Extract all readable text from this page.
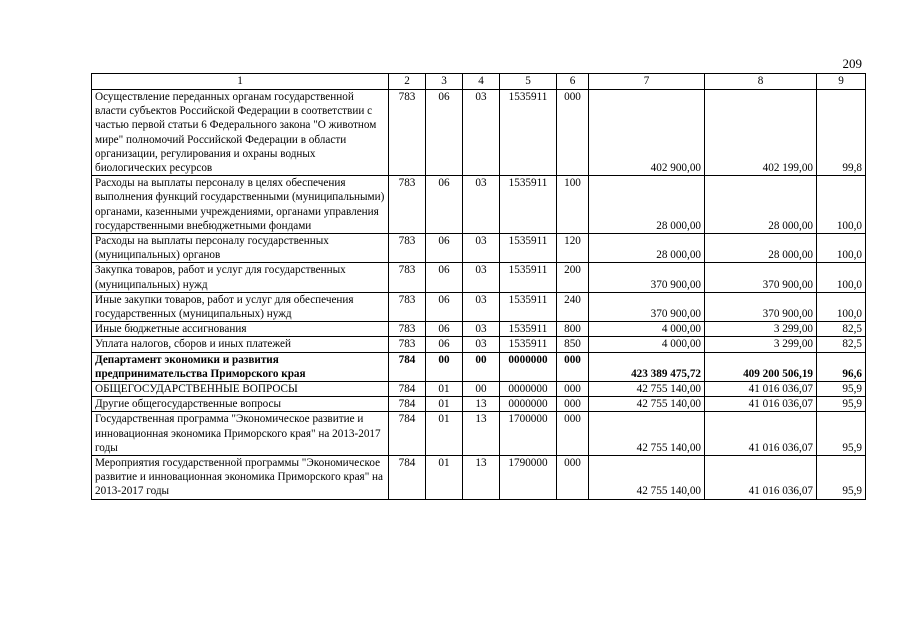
209
1	2	3	4	5	6	7	8	9
Осуществление переданных органам государственной власти субъектов Российской Федерации в соответствии с частью первой статьи 6 Федерального закона "О животном мире" полномочий Российской Федерации в области организации, регулирования и охраны водных биологических ресурсов	783	06	03	1535911	000	402 900,00	402 199,00	99,8
Расходы на выплаты персоналу в целях обеспечения выполнения функций государственными (муниципальными) органами, казенными учреждениями, органами управления государственными внебюджетными фондами	783	06	03	1535911	100	28 000,00	28 000,00	100,0
Расходы на выплаты персоналу государственных (муниципальных) органов	783	06	03	1535911	120	28 000,00	28 000,00	100,0
Закупка товаров, работ и услуг для государственных (муниципальных) нужд	783	06	03	1535911	200	370 900,00	370 900,00	100,0
Иные закупки товаров, работ и услуг для обеспечения государственных (муниципальных) нужд	783	06	03	1535911	240	370 900,00	370 900,00	100,0
Иные бюджетные ассигнования	783	06	03	1535911	800	4 000,00	3 299,00	82,5
Уплата налогов, сборов и иных платежей	783	06	03	1535911	850	4 000,00	3 299,00	82,5
Департамент экономики и развития предпринимательства Приморского края	784	00	00	0000000	000	423 389 475,72	409 200 506,19	96,6
ОБЩЕГОСУДАРСТВЕННЫЕ ВОПРОСЫ	784	01	00	0000000	000	42 755 140,00	41 016 036,07	95,9
Другие общегосударственные вопросы	784	01	13	0000000	000	42 755 140,00	41 016 036,07	95,9
Государственная программа "Экономическое развитие и инновационная экономика Приморского края" на 2013-2017 годы	784	01	13	1700000	000	42 755 140,00	41 016 036,07	95,9
Мероприятия государственной программы "Экономическое развитие и инновационная экономика Приморского края" на 2013-2017 годы	784	01	13	1790000	000	42 755 140,00	41 016 036,07	95,9
